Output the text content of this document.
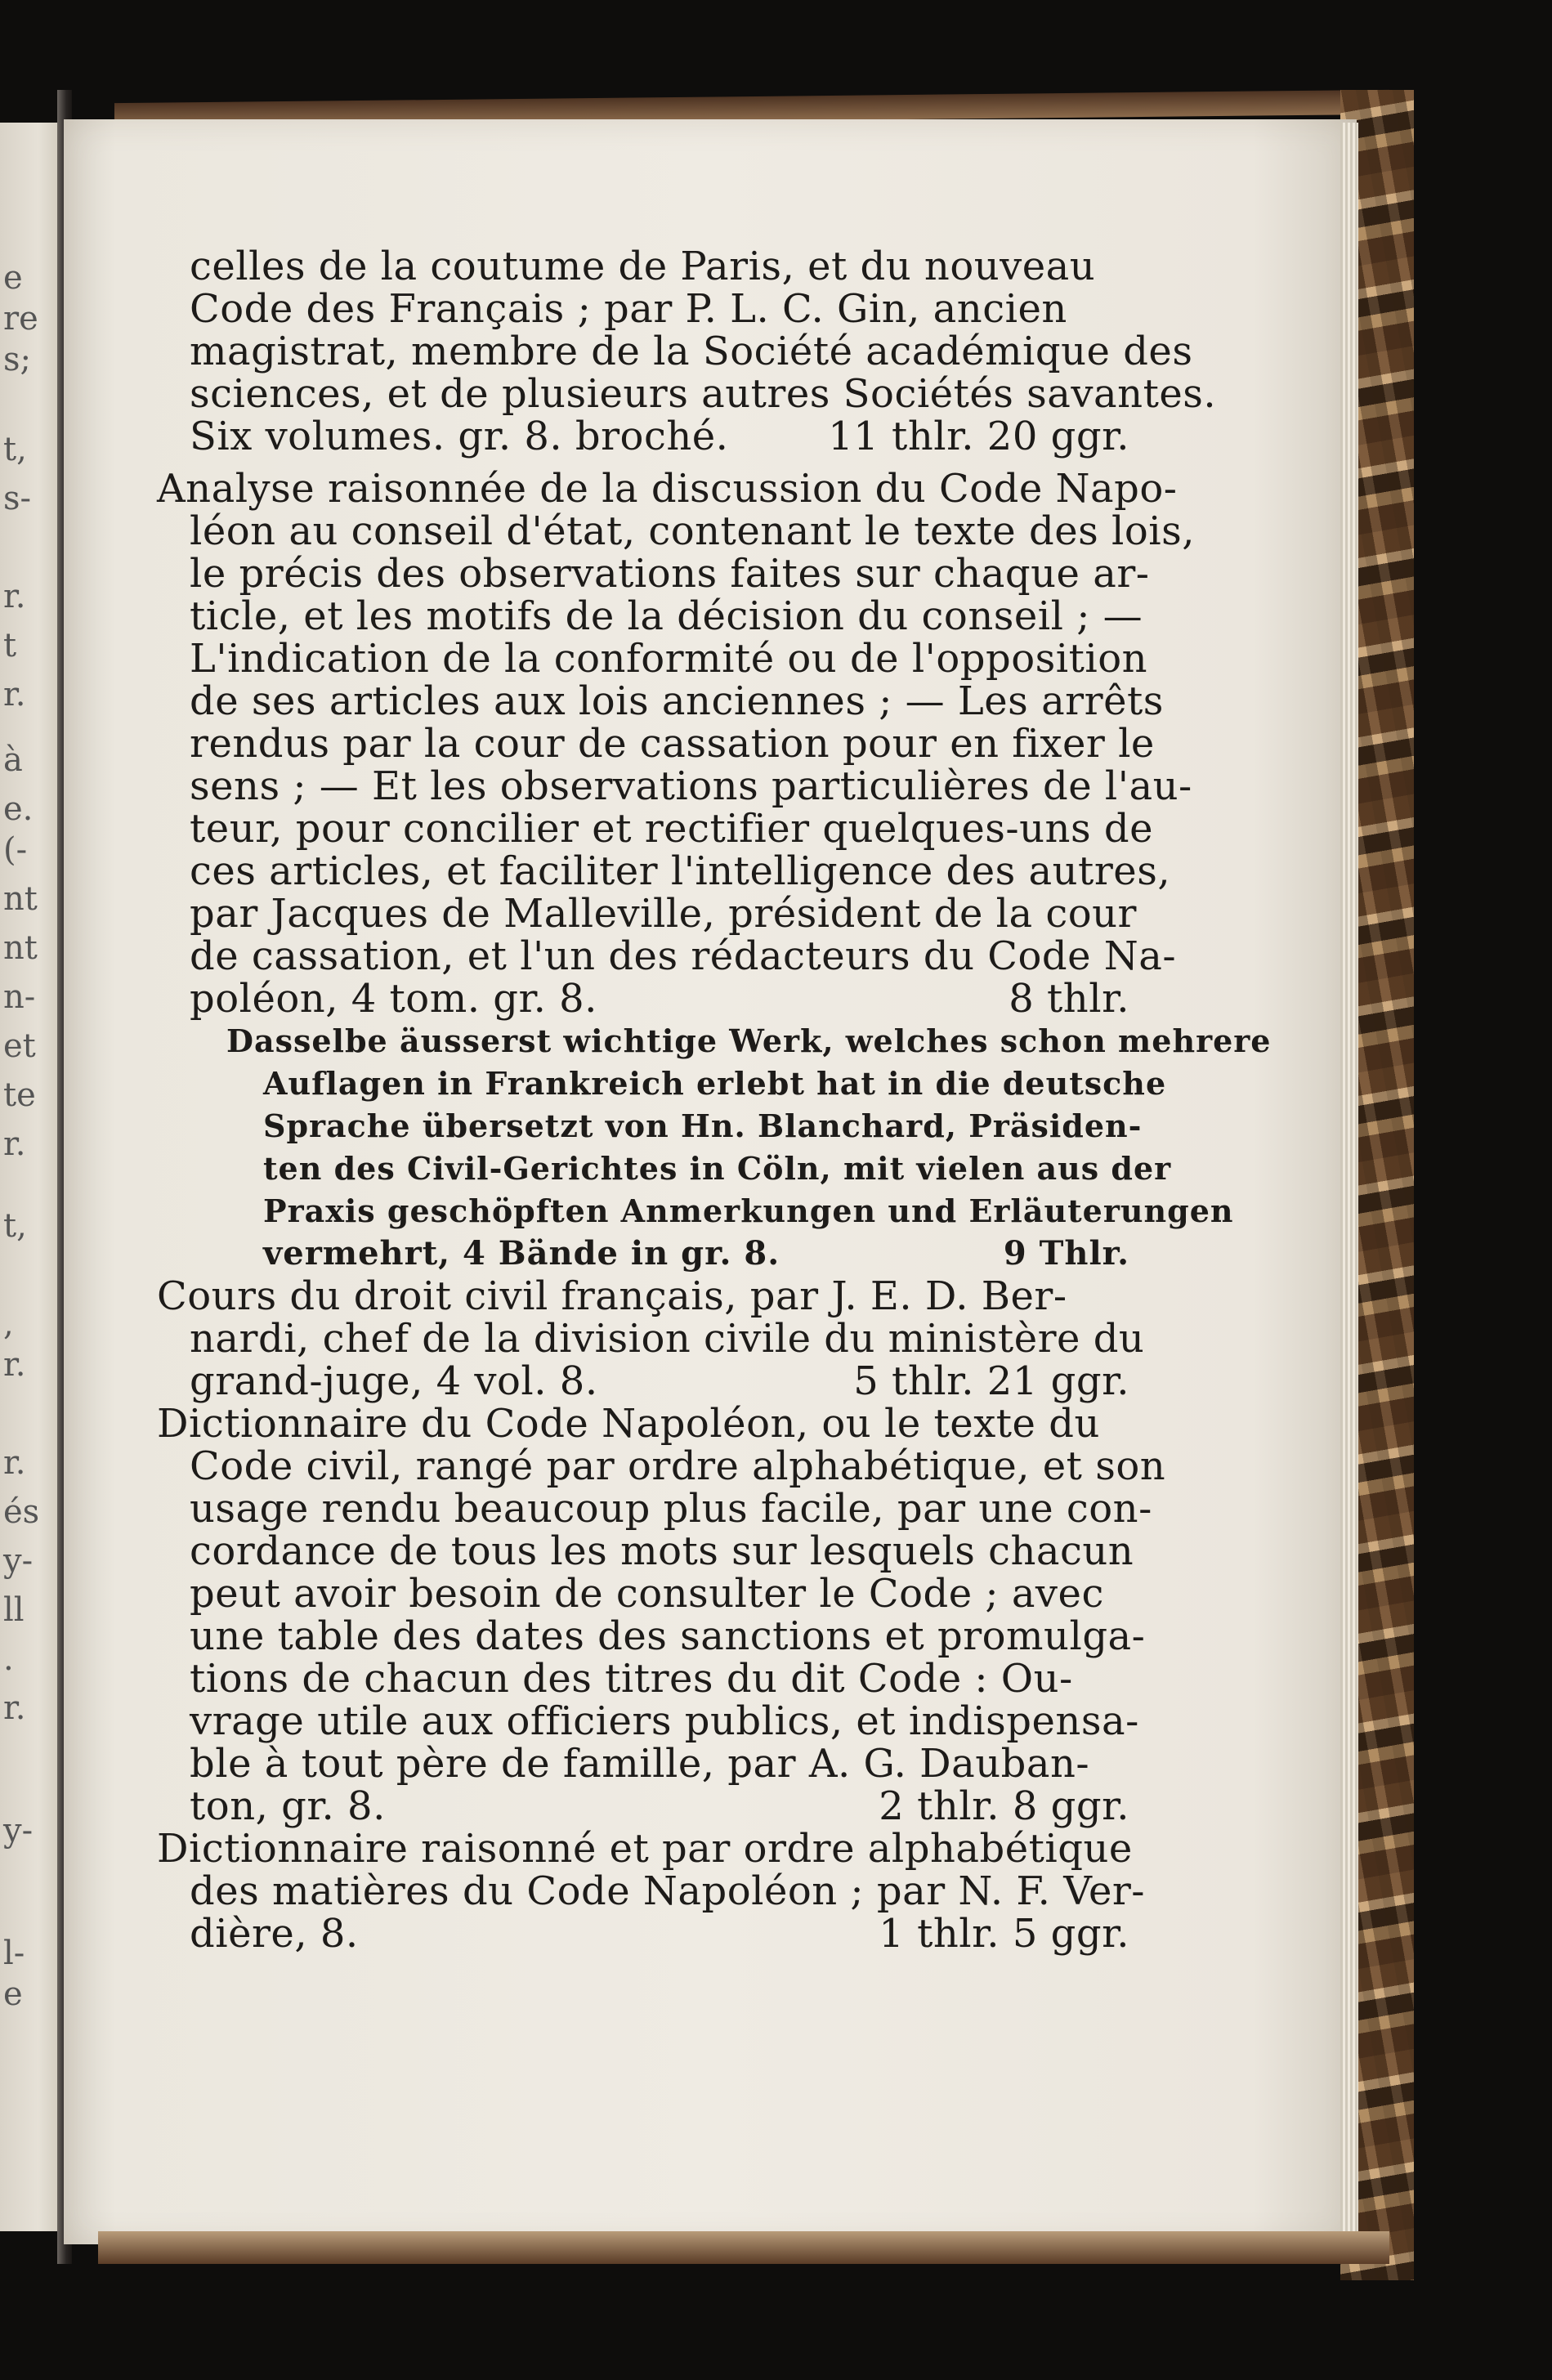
e
re
s;
t,
s-
r.
t
r.
à
e.
(-
nt
nt
n-
et
te
r.
t,
,
r.
r.
és
y-
ll
.
r.
y-
l-
e
celles de la coutume de Paris, et du nouveau
Code des Français ; par P. L. C. Gin, ancien
magistrat, membre de la Société académique des
sciences, et de plusieurs autres Sociétés savantes.
Six volumes. gr. 8. broché.	11 thlr. 20 ggr.
Analyse raisonnée de la discussion du Code Napo-
léon au conseil d'état, contenant le texte des lois,
le précis des observations faites sur chaque ar-
ticle, et les motifs de la décision du conseil ; —
L'indication de la conformité ou de l'opposition
de ses articles aux lois anciennes ; — Les arrêts
rendus par la cour de cassation pour en fixer le
sens ; — Et les observations particulières de l'au-
teur, pour concilier et rectifier quelques-uns de
ces articles, et faciliter l'intelligence des autres,
par Jacques de Malleville, président de la cour
de cassation, et l'un des rédacteurs du Code Na-
poléon, 4 tom. gr. 8.	8 thlr.
Dasselbe äusserst wichtige Werk, welches schon mehrere
Auflagen in Frankreich erlebt hat in die deutsche
Sprache übersetzt von Hn. Blanchard, Präsiden-
ten des Civil-Gerichtes in Cöln, mit vielen aus der
Praxis geschöpften Anmerkungen und Erläuterungen
vermehrt, 4 Bände in gr. 8.	9 Thlr.
Cours du droit civil français, par J. E. D. Ber-
nardi, chef de la division civile du ministère du
grand-juge, 4 vol. 8.	5 thlr. 21 ggr.
Dictionnaire du Code Napoléon, ou le texte du
Code civil, rangé par ordre alphabétique, et son
usage rendu beaucoup plus facile, par une con-
cordance de tous les mots sur lesquels chacun
peut avoir besoin de consulter le Code ; avec
une table des dates des sanctions et promulga-
tions de chacun des titres du dit Code : Ou-
vrage utile aux officiers publics, et indispensa-
ble à tout père de famille, par A. G. Dauban-
ton, gr. 8.	2 thlr. 8 ggr.
Dictionnaire raisonné et par ordre alphabétique
des matières du Code Napoléon ; par N. F. Ver-
dière, 8.	1 thlr. 5 ggr.
